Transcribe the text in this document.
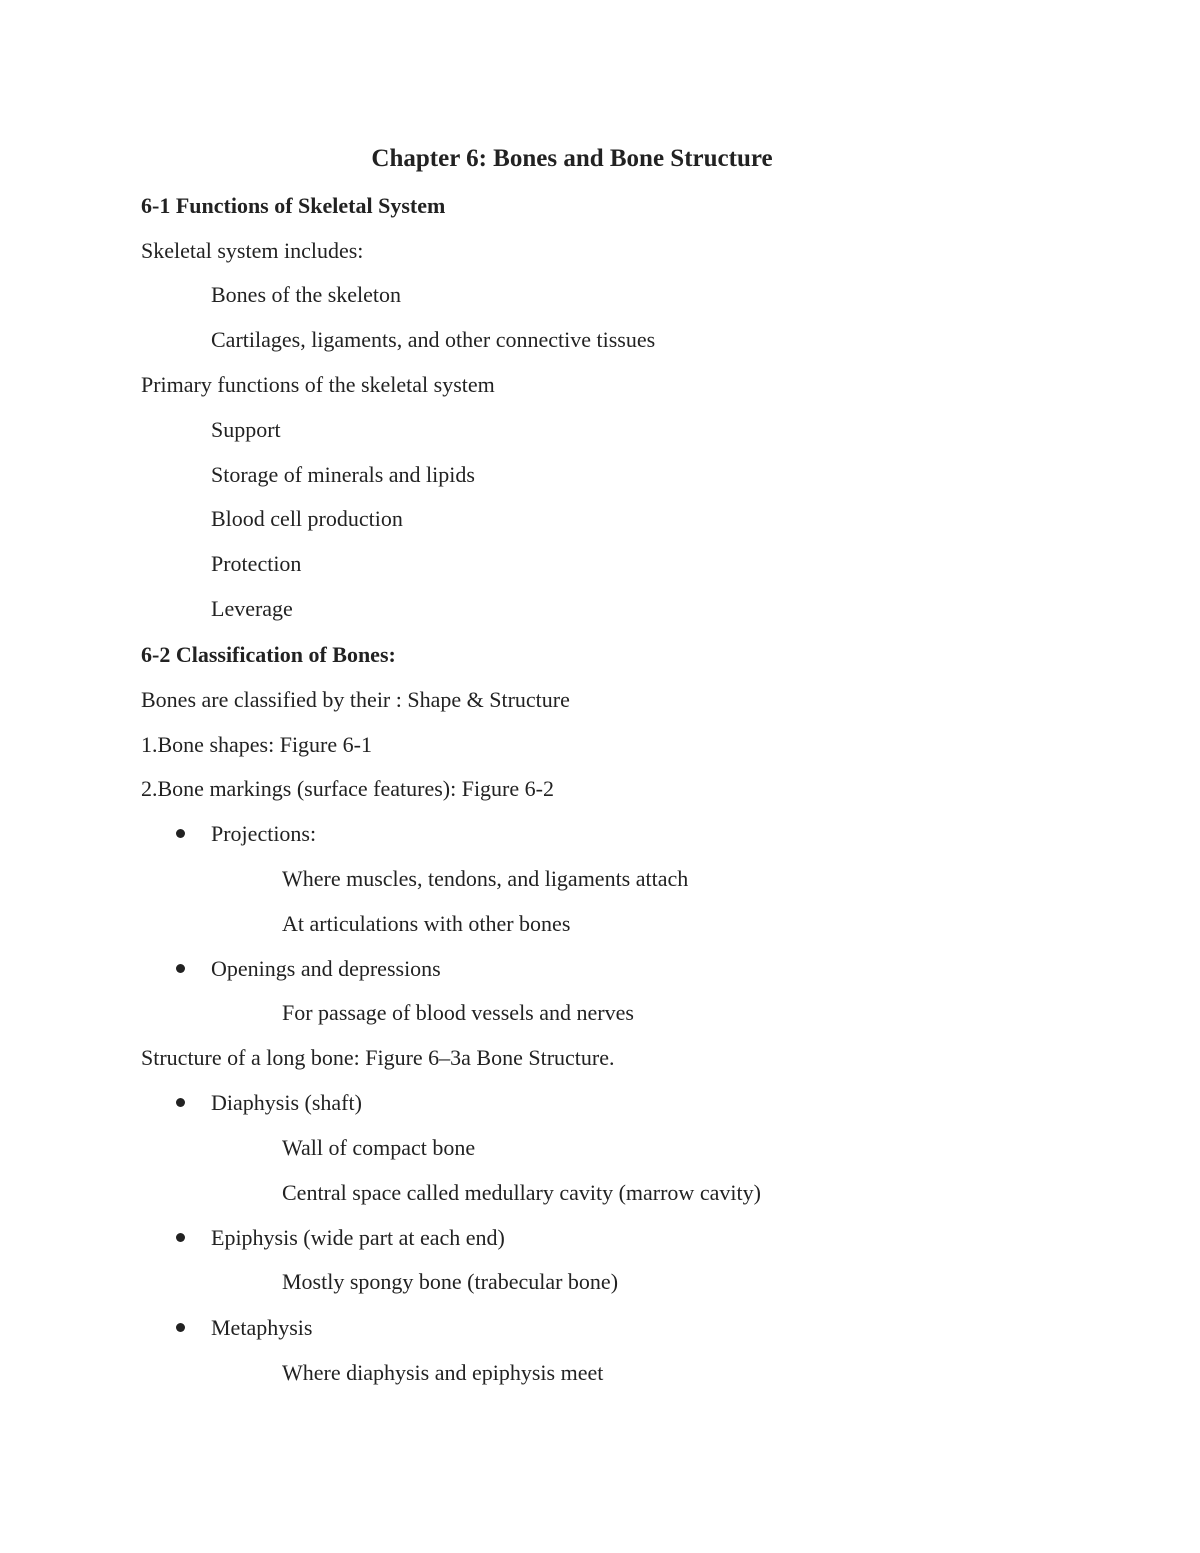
Chapter 6: Bones and Bone Structure
6-1 Functions of Skeletal System
Skeletal system includes:
Bones of the skeleton
Cartilages, ligaments, and other connective tissues
Primary functions of the skeletal system
Support
Storage of minerals and lipids
Blood cell production
Protection
Leverage
6-2 Classification of Bones:
Bones are classified by their : Shape & Structure
1.Bone shapes: Figure 6-1
2.Bone markings (surface features): Figure 6-2
Projections:
Where muscles, tendons, and ligaments attach
At articulations with other bones
Openings and depressions
For passage of blood vessels and nerves
Structure of a long bone: Figure 6–3a Bone Structure.
Diaphysis (shaft)
Wall of compact bone
Central space called medullary cavity (marrow cavity)
Epiphysis (wide part at each end)
Mostly spongy bone (trabecular bone)
Metaphysis
Where diaphysis and epiphysis meet
